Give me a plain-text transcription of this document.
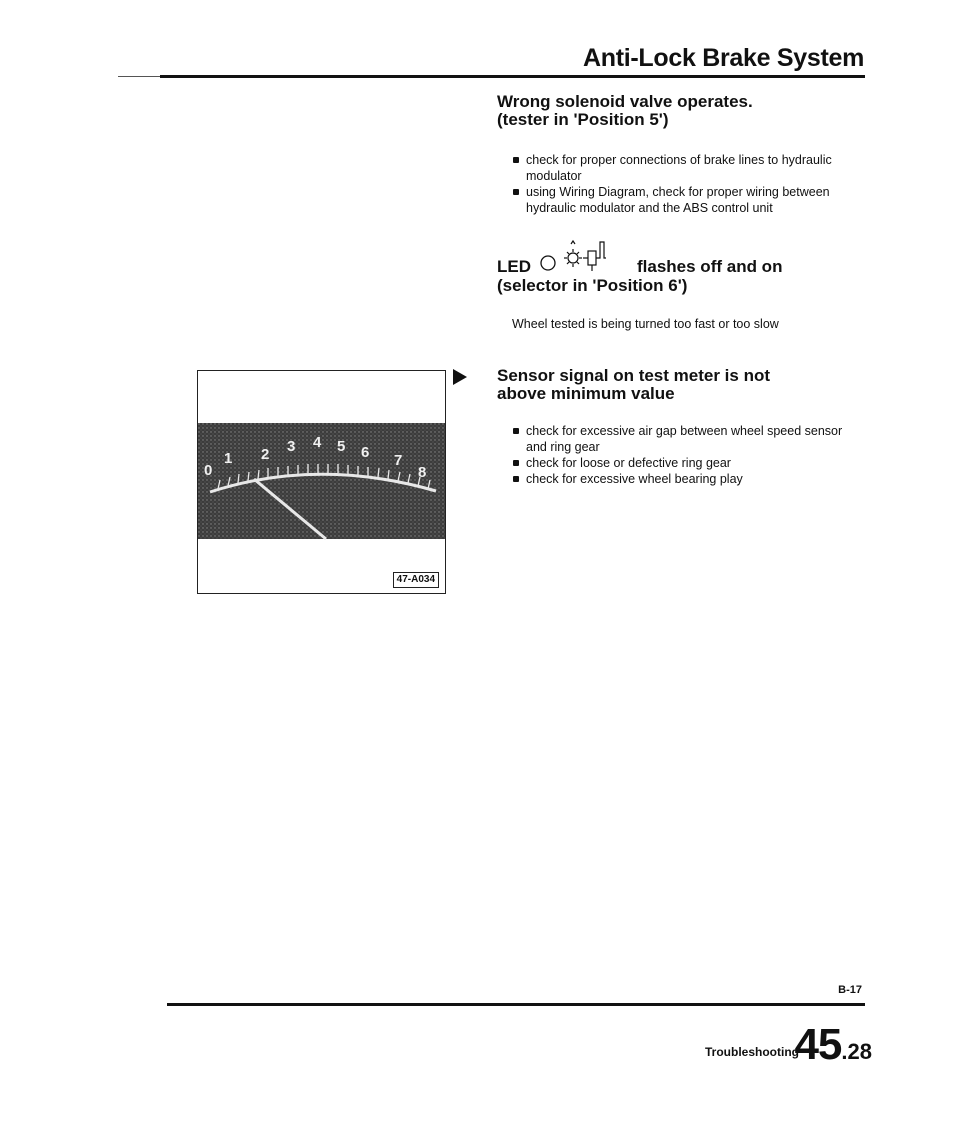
Anti-Lock Brake System
Wrong solenoid valve operates.
(tester in 'Position 5')
check for proper connections of brake lines to hydraulic modulator
using Wiring Diagram, check for proper wiring between hydraulic modulator and the ABS control unit
LED	flashes off and on
(selector in 'Position 6')
Wheel tested is being turned too fast or too slow
Sensor signal on test meter is not
above minimum value
check for excessive air gap between wheel speed sensor and ring gear
check for loose or defective ring gear
check for excessive wheel bearing play
0
1 2 3 4 5 6 7
8
47-A034
B-17
Troubleshooting
45.28
